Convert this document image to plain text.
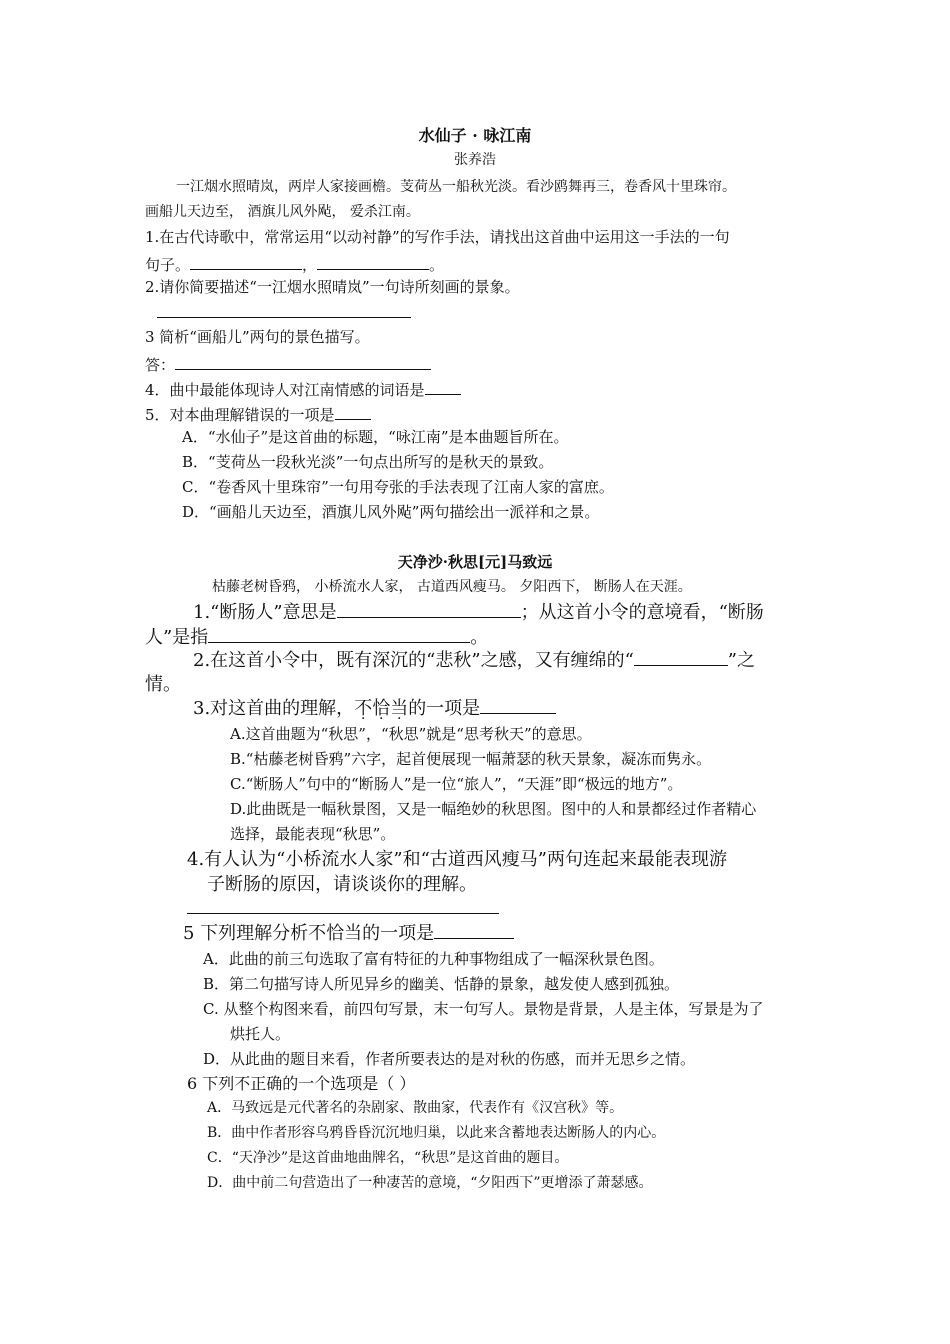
水仙子 · 咏江南
张养浩
一江烟水照晴岚，两岸人家接画檐。芰荷丛一船秋光淡。看沙鸥舞再三，卷香风十里珠帘。
画船儿天边至， 酒旗儿风外飐， 爱杀江南。
1.在古代诗歌中，常常运用“以动衬静”的写作手法，请找出这首曲中运用这一手法的一句
句子。	，	。
2.请你简要描述“一江烟水照晴岚”一句诗所刻画的景象。
3 简析“画船儿”两句的景色描写。
答：
4．曲中最能体现诗人对江南情感的词语是
5．对本曲理解错误的一项是
A．“水仙子”是这首曲的标题，“咏江南”是本曲题旨所在。
B．“芰荷丛一段秋光淡”一句点出所写的是秋天的景致。
C．“卷香风十里珠帘”一句用夸张的手法表现了江南人家的富庶。
D．“画船儿天边至，酒旗儿风外飐”两句描绘出一派祥和之景。
天净沙·秋思[元]马致远
枯藤老树昏鸦， 小桥流水人家， 古道西风瘦马。 夕阳西下， 断肠人在天涯。
1.“断肠人”意思是	；从这首小令的意境看，“断肠
人”是指	。
2.在这首小令中，既有深沉的“悲秋”之感，又有缠绵的“	”之
情。
3.对这首曲的理解，不恰当的一项是
A.这首曲题为“秋思”，“秋思”就是“思考秋天”的意思。
B.“枯藤老树昏鸦”六字，起首便展现一幅萧瑟的秋天景象，凝冻而隽永。
C.“断肠人”句中的“断肠人”是一位“旅人”，“天涯”即“极远的地方”。
D.此曲既是一幅秋景图，又是一幅绝妙的秋思图。图中的人和景都经过作者精心
选择，最能表现“秋思”。
4.有人认为“小桥流水人家”和“古道西风瘦马”两句连起来最能表现游
子断肠的原因，请谈谈你的理解。
5 下列理解分析不恰当的一项是
A．此曲的前三句选取了富有特征的九种事物组成了一幅深秋景色图。
B．第二句描写诗人所见异乡的幽美、恬静的景象，越发使人感到孤独。
C. 从整个构图来看，前四句写景，末一句写人。景物是背景，人是主体，写景是为了
烘托人。
D．从此曲的题目来看，作者所要表达的是对秋的伤感，而并无思乡之情。
6 下列不正确的一个选项是（ ）
A．马致远是元代著名的杂剧家、散曲家，代表作有《汉宫秋》等。
B．曲中作者形容乌鸦昏昏沉沉地归巢，以此来含蓄地表达断肠人的内心。
C．“天净沙”是这首曲地曲牌名，“秋思”是这首曲的题目。
D．曲中前二句营造出了一种凄苦的意境，“夕阳西下”更增添了萧瑟感。
